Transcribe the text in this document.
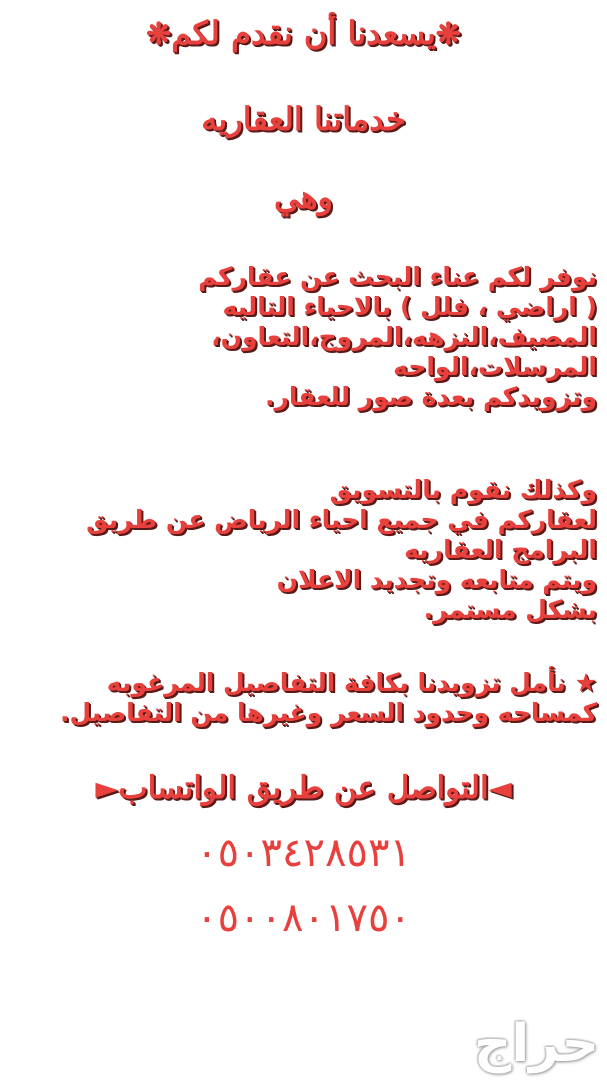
❋يسعدنا أن نقدم لكم❋
خدماتنا العقاريه
وهي
نوفر لكم عناء البحث عن عقاركم
( اراضي ، فلل ) بالاحياء التاليه
المصيف،النزهه،المروج،التعاون،
المرسلات،الواحه
وتزويدكم بعدة صور للعقار.
وكذلك نقوم بالتسويق
لعقاركم في جميع احياء الرياض عن طريق
البرامج العقاريه
ويتم متابعه وتجديد الاعلان
بشكل مستمر.
★ نأمل تزويدنا بكافة التفاصيل المرغوبه
كمساحه وحدود السعر وغيرها من التفاصيل.
◄التواصل عن طريق الواتساب►
٠٥٠٣٤٢٨٥٣١
٠٥٠٠٨٠١٧٥٠
حراج
